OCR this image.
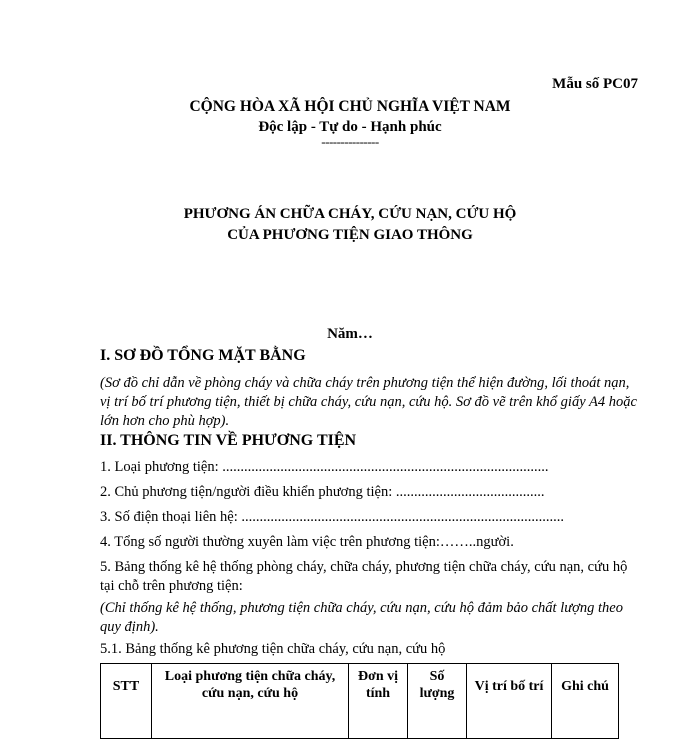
Mẫu số PC07
CỘNG HÒA XÃ HỘI CHỦ NGHĨA VIỆT NAM
Độc lập - Tự do - Hạnh phúc
---------------
PHƯƠNG ÁN CHỮA CHÁY, CỨU NẠN, CỨU HỘ
CỦA PHƯƠNG TIỆN GIAO THÔNG
Năm…
I. SƠ ĐỒ TỔNG MẶT BẰNG
(Sơ đồ chỉ dẫn về phòng cháy và chữa cháy trên phương tiện thể hiện đường, lối thoát nạn, vị trí bố trí phương tiện, thiết bị chữa cháy, cứu nạn, cứu hộ. Sơ đồ vẽ trên khổ giấy A4 hoặc lớn hơn cho phù hợp).
II. THÔNG TIN VỀ PHƯƠNG TIỆN
1. Loại phương tiện: ..........................................................................................
2. Chủ phương tiện/người điều khiển phương tiện: .........................................
3. Số điện thoại liên hệ: .........................................................................................
4. Tổng số người thường xuyên làm việc trên phương tiện:……..người.
5. Bảng thống kê hệ thống phòng cháy, chữa cháy, phương tiện chữa cháy, cứu nạn, cứu hộ tại chỗ trên phương tiện:
(Chỉ thống kê hệ thống, phương tiện chữa cháy, cứu nạn, cứu hộ đảm bảo chất lượng theo quy định).
5.1. Bảng thống kê phương tiện chữa cháy, cứu nạn, cứu hộ
STT	Loại phương tiện chữa cháy, cứu nạn, cứu hộ	Đơn vị tính	Số lượng	Vị trí bố trí	Ghi chú
